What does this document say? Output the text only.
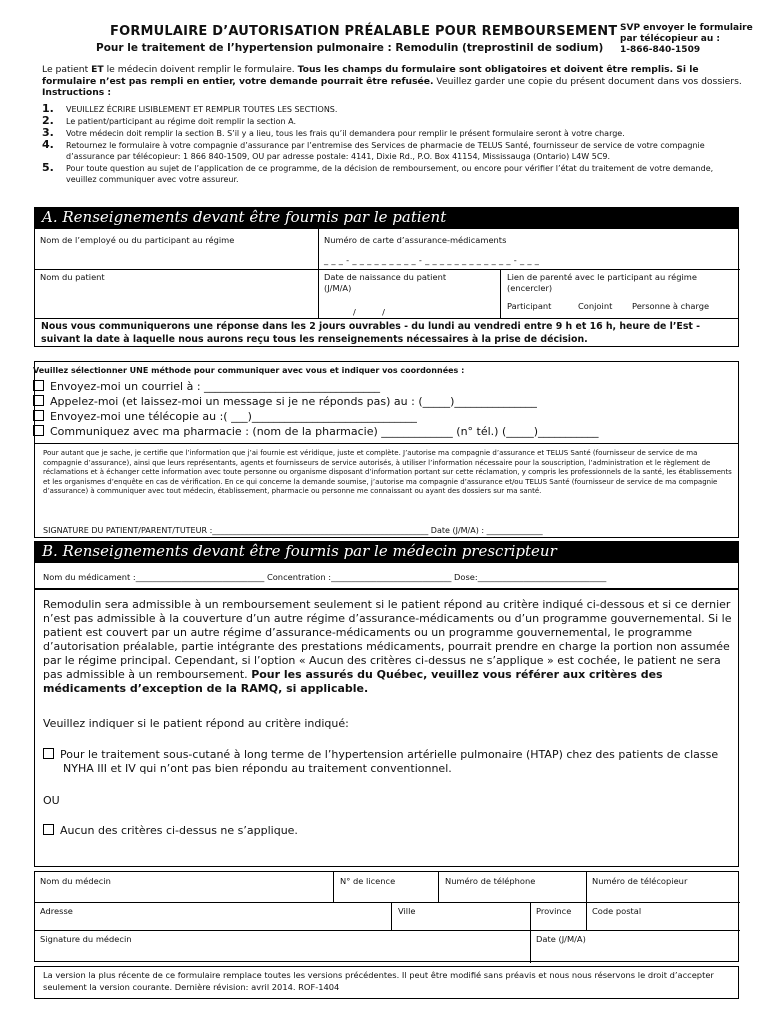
FORMULAIRE D’AUTORISATION PRÉALABLE POUR REMBOURSEMENT
Pour le traitement de l’hypertension pulmonaire : Remodulin (treprostinil de sodium)
SVP envoyer le formulaire
par télécopieur au :
1-866-840-1509
Le patient ET le médecin doivent remplir le formulaire. Tous les champs du formulaire sont obligatoires et doivent être remplis. Si le formulaire n’est pas rempli en entier, votre demande pourrait être refusée. Veuillez garder une copie du présent document dans vos dossiers.
Instructions :
1. VEUILLEZ ÉCRIRE LISIBLEMENT ET REMPLIR TOUTES LES SECTIONS.
2. Le patient/participant au régime doit remplir la section A.
3. Votre médecin doit remplir la section B. S’il y a lieu, tous les frais qu’il demandera pour remplir le présent formulaire seront à votre charge.
4. Retournez le formulaire à votre compagnie d’assurance par l’entremise des Services de pharmacie de TELUS Santé, fournisseur de service de votre compagnie d’assurance par télécopieur: 1 866 840-1509, OU par adresse postale: 4141, Dixie Rd., P.O. Box 41154, Mississauga (Ontario) L4W 5C9.
5. Pour toute question au sujet de l’application de ce programme, de la décision de remboursement, ou encore pour vérifier l’état du traitement de votre demande, veuillez communiquer avec votre assureur.
A. Renseignements devant être fournis par le patient
Nom de l’employé ou du participant au régime	Numéro de carte d’assurance-médicaments
_ _ _ - _ _ _ _ _ _ _ _ _ - _ _ _ _ _ _ _ _ _ _ _ _ - _ _ _
Nom du patient	Date de naissance du patient
(J/M/A)
/          /
Lien de parenté avec le participant au régime
(encercler)
Participant	Conjoint Personne à charge
Nous vous communiquerons une réponse dans les 2 jours ouvrables - du lundi au vendredi entre 9 h et 16 h, heure de l’Est - suivant la date à laquelle nous aurons reçu tous les renseignements nécessaires à la prise de décision.
Veuillez sélectionner UNE méthode pour communiquer avec vous et indiquer vos coordonnées :
Envoyez-moi un courriel à : ________________________________
Appelez-moi (et laissez-moi un message si je ne réponds pas) au : (_____)_______________
Envoyez-moi une télécopie au :( ___)______________________________
Communiquez avec ma pharmacie : (nom de la pharmacie) _____________ (n° tél.) (_____)___________
Pour autant que je sache, je certifie que l’information que j’ai fournie est véridique, juste et complète. J’autorise ma compagnie d’assurance et TELUS Santé (fournisseur de service de ma compagnie d’assurance), ainsi que leurs représentants, agents et fournisseurs de service autorisés, à utiliser l’information nécessaire pour la souscription, l’administration et le règlement de réclamations et à échanger cette information avec toute personne ou organisme disposant d’information portant sur cette réclamation, y compris les professionnels de la santé, les établissements et les organismes d’enquête en cas de vérification. En ce qui concerne la demande soumise, j’autorise ma compagnie d’assurance et/ou TELUS Santé (fournisseur de service de ma compagnie d’assurance) à communiquer avec tout médecin, établissement, pharmacie ou personne me connaissant ou ayant des dossiers sur ma santé.
SIGNATURE DU PATIENT/PARENT/TUTEUR :______________________________________________________ Date (J/M/A) : ______________
B. Renseignements devant être fournis par le médecin prescripteur
Nom du médicament :_______________________________ Concentration :_____________________________ Dose:_______________________________
Remodulin sera admissible à un remboursement seulement si le patient répond au critère indiqué ci-dessous et si ce dernier n’est pas admissible à la couverture d’un autre régime d’assurance-médicaments ou d’un programme gouvernemental. Si le patient est couvert par un autre régime d’assurance-médicaments ou un programme gouvernemental, le programme d’autorisation préalable, partie intégrante des prestations médicaments, pourrait prendre en charge la portion non assumée par le régime principal. Cependant, si l’option « Aucun des critères ci-dessus ne s’applique » est cochée, le patient ne sera pas admissible à un remboursement. Pour les assurés du Québec, veuillez vous référer aux critères des médicaments d’exception de la RAMQ, si applicable.
Veuillez indiquer si le patient répond au critère indiqué:
Pour le traitement sous-cutané à long terme de l’hypertension artérielle pulmonaire (HTAP) chez des patients de classe NYHA III et IV qui n’ont pas bien répondu au traitement conventionnel.
OU
Aucun des critères ci-dessus ne s’applique.
Nom du médecin	N° de licence	Numéro de téléphone	Numéro de télécopieur
Adresse	Ville	Province Code postal
Signature du médecin	Date (J/M/A)
La version la plus récente de ce formulaire remplace toutes les versions précédentes. Il peut être modifié sans préavis et nous nous réservons le droit d’accepter seulement la version courante. Dernière révision: avril 2014. ROF-1404
